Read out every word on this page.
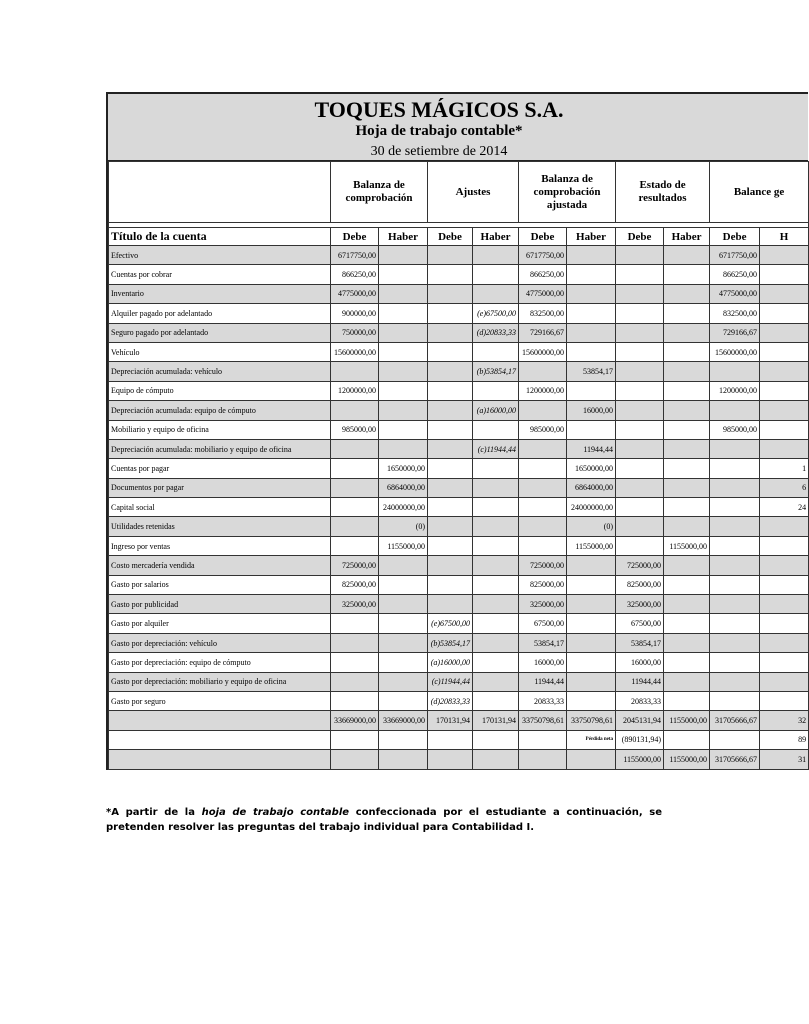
TOQUES MÁGICOS S.A.
Hoja de trabajo contable*
30 de setiembre de 2014
	Balanza de comprobación		Ajustes		Balanza de comprobación ajustada		Estado de resultados		Balance ge	

Título de la cuenta	Debe	Haber	Debe	Haber	Debe	Haber	Debe	Haber	Debe	H
Efectivo	6717750,00				6717750,00				6717750,00	
Cuentas por cobrar	866250,00				866250,00				866250,00	
Inventario	4775000,00				4775000,00				4775000,00	
Alquiler pagado por adelantado	900000,00			(e)67500,00	832500,00				832500,00	
Seguro pagado por adelantado	750000,00			(d)20833,33	729166,67				729166,67	
Vehículo	15600000,00				15600000,00				15600000,00	
Depreciación acumulada: vehículo				(b)53854,17		53854,17				
Equipo de cómputo	1200000,00				1200000,00				1200000,00	
Depreciación acumulada: equipo de cómputo				(a)16000,00		16000,00				
Mobiliario y equipo de oficina	985000,00				985000,00				985000,00	
Depreciación acumulada: mobiliario y equipo de oficina				(c)11944,44		11944,44				
Cuentas por pagar		1650000,00				1650000,00				1
Documentos por pagar		6864000,00				6864000,00				6
Capital social		24000000,00				24000000,00				24
Utilidades retenidas		(0)				(0)				
Ingreso por ventas		1155000,00				1155000,00		1155000,00		
Costo mercadería vendida	725000,00				725000,00		725000,00			
Gasto por salarios	825000,00				825000,00		825000,00			
Gasto por publicidad	325000,00				325000,00		325000,00			
Gasto por alquiler			(e)67500,00		67500,00		67500,00			
Gasto por depreciación: vehículo			(b)53854,17		53854,17		53854,17			
Gasto por depreciación: equipo de cómputo			(a)16000,00		16000,00		16000,00			
Gasto por depreciación: mobiliario y equipo de oficina			(c)11944,44		11944,44		11944,44			
Gasto por seguro			(d)20833,33		20833,33		20833,33			
	33669000,00	33669000,00	170131,94	170131,94	33750798,61	33750798,61	2045131,94	1155000,00	31705666,67	32
						Pérdida neta	(890131,94)			89
							1155000,00	1155000,00	31705666,67	31
*A partir de la hoja de trabajo contable confeccionada por el estudiante a continuación, se pretenden resolver las preguntas del trabajo individual para Contabilidad I.
